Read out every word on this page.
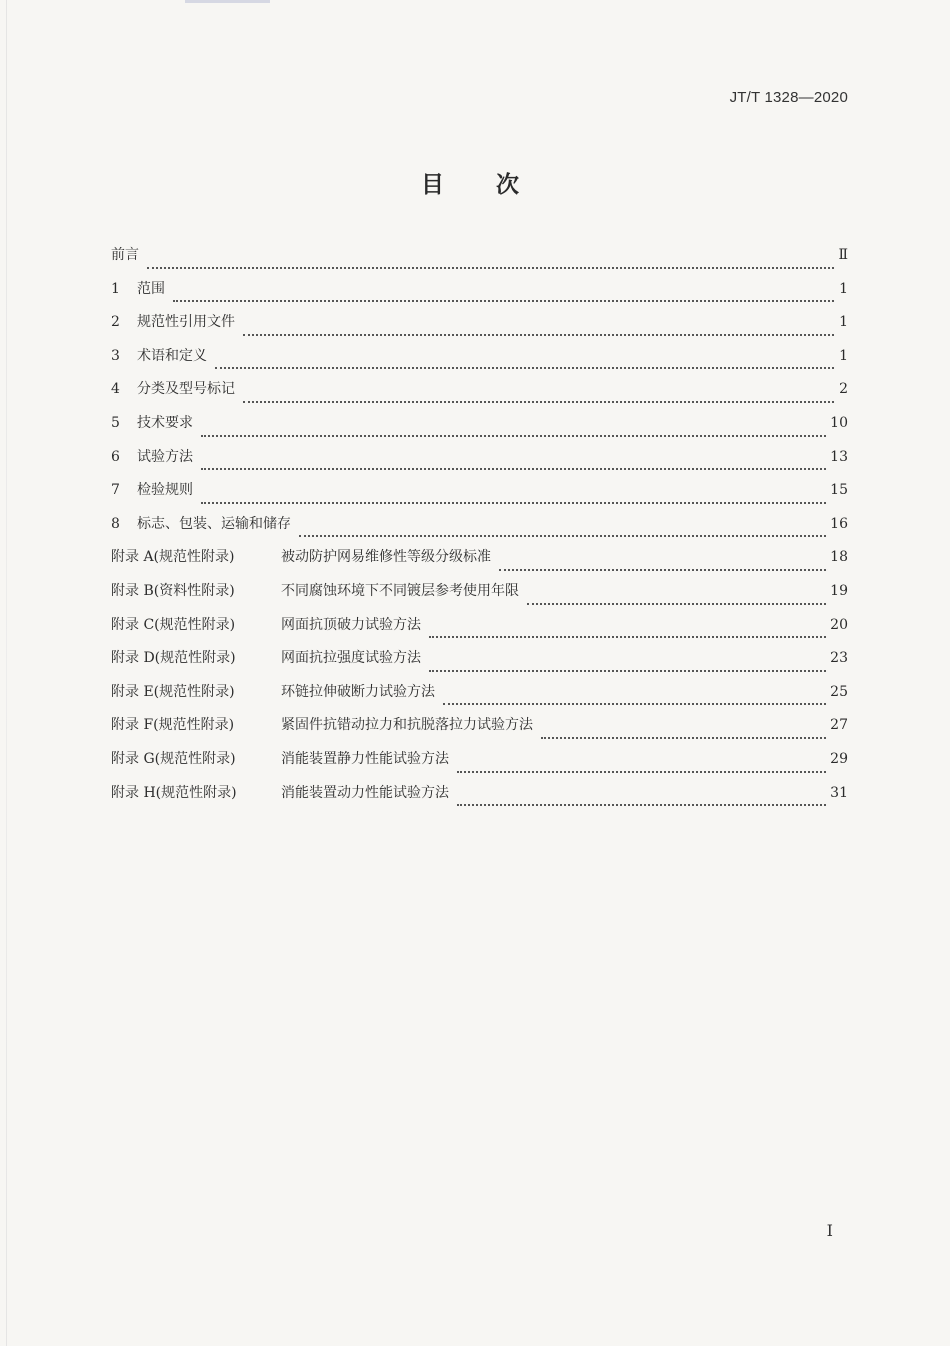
JT/T 1328—2020
目次
前言	Ⅱ
1	范围	1
2	规范性引用文件	1
3	术语和定义	1
4	分类及型号标记	2
5	技术要求	10
6	试验方法	13
7	检验规则	15
8	标志、包装、运输和储存	16
附录 A(规范性附录)	被动防护网易维修性等级分级标准	18
附录 B(资料性附录)	不同腐蚀环境下不同镀层参考使用年限	19
附录 C(规范性附录)	网面抗顶破力试验方法	20
附录 D(规范性附录)	网面抗拉强度试验方法	23
附录 E(规范性附录)	环链拉伸破断力试验方法	25
附录 F(规范性附录)	紧固件抗错动拉力和抗脱落拉力试验方法	27
附录 G(规范性附录)	消能装置静力性能试验方法	29
附录 H(规范性附录)	消能装置动力性能试验方法	31
I
